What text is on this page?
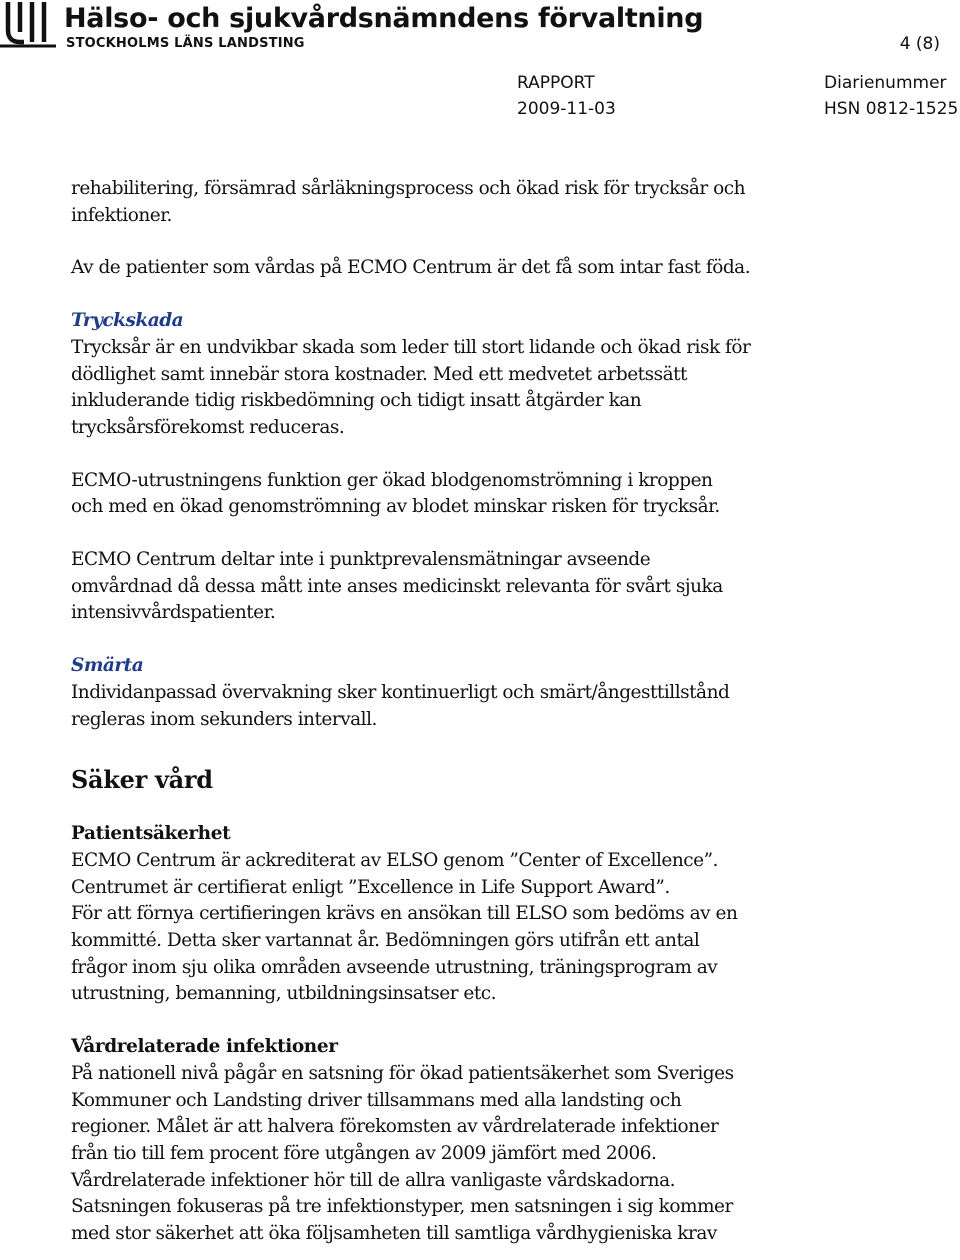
Hälso- och sjukvårdsnämndens förvaltning
STOCKHOLMS LÄNS LANDSTING	4 (8)
RAPPORT
2009-11-03
Diarienummer
HSN 0812-1525

rehabilitering, försämrad sårläkningsprocess och ökad risk för trycksår och
infektioner.

Av de patienter som vårdas på ECMO Centrum är det få som intar fast föda.

Tryckskada
Trycksår är en undvikbar skada som leder till stort lidande och ökad risk för
dödlighet samt innebär stora kostnader. Med ett medvetet arbetssätt
inkluderande tidig riskbedömning och tidigt insatt åtgärder kan
trycksårsförekomst reduceras.

ECMO-utrustningens funktion ger ökad blodgenomströmning i kroppen
och med en ökad genomströmning av blodet minskar risken för trycksår.

ECMO Centrum deltar inte i punktprevalensmätningar avseende
omvårdnad då dessa mått inte anses medicinskt relevanta för svårt sjuka
intensivvårdspatienter.

Smärta
Individanpassad övervakning sker kontinuerligt och smärt/ångesttillstånd
regleras inom sekunders intervall.

Säker vård

Patientsäkerhet
ECMO Centrum är ackrediterat av ELSO genom ”Center of Excellence”.
Centrumet är certifierat enligt ”Excellence in Life Support Award”.
För att förnya certifieringen krävs en ansökan till ELSO som bedöms av en
kommitté. Detta sker vartannat år. Bedömningen görs utifrån ett antal
frågor inom sju olika områden avseende utrustning, träningsprogram av
utrustning, bemanning, utbildningsinsatser etc.

Vårdrelaterade infektioner
På nationell nivå pågår en satsning för ökad patientsäkerhet som Sveriges
Kommuner och Landsting driver tillsammans med alla landsting och
regioner. Målet är att halvera förekomsten av vårdrelaterade infektioner
från tio till fem procent före utgången av 2009 jämfört med 2006.
Vårdrelaterade infektioner hör till de allra vanligaste vårdskadorna.
Satsningen fokuseras på tre infektionstyper, men satsningen i sig kommer
med stor säkerhet att öka följsamheten till samtliga vårdhygieniska krav
